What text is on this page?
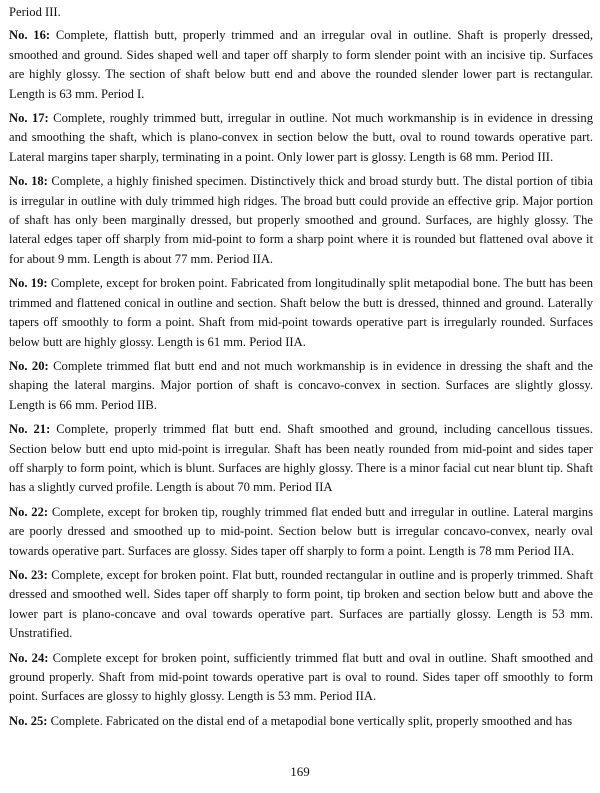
Period III.

No. 16: Complete, flattish butt, properly trimmed and an irregular oval in outline. Shaft is properly dressed, smoothed and ground. Sides shaped well and taper off sharply to form slender point with an incisive tip. Surfaces are highly glossy. The section of shaft below butt end and above the rounded slender lower part is rectangular. Length is 63 mm. Period I.

No. 17: Complete, roughly trimmed butt, irregular in outline. Not much workmanship is in evidence in dressing and smoothing the shaft, which is plano-convex in section below the butt, oval to round towards operative part. Lateral margins taper sharply, terminating in a point. Only lower part is glossy. Length is 68 mm. Period III.

No. 18: Complete, a highly finished specimen. Distinctively thick and broad sturdy butt. The distal portion of tibia is irregular in outline with duly trimmed high ridges. The broad butt could provide an effective grip. Major portion of shaft has only been marginally dressed, but properly smoothed and ground. Surfaces, are highly glossy. The lateral edges taper off sharply from mid-point to form a sharp point where it is rounded but flattened oval above it for about 9 mm. Length is about 77 mm. Period IIA.

No. 19: Complete, except for broken point. Fabricated from longitudinally split metapodial bone. The butt has been trimmed and flattened conical in outline and section. Shaft below the butt is dressed, thinned and ground. Laterally tapers off smoothly to form a point. Shaft from mid-point towards operative part is irregularly rounded. Surfaces below butt are highly glossy. Length is 61 mm. Period IIA.

No. 20: Complete trimmed flat butt end and not much workmanship is in evidence in dressing the shaft and the shaping the lateral margins. Major portion of shaft is concavo-convex in section. Surfaces are slightly glossy. Length is 66 mm. Period IIB.

No. 21: Complete, properly trimmed flat butt end. Shaft smoothed and ground, including cancellous tissues. Section below butt end upto mid-point is irregular. Shaft has been neatly rounded from mid-point and sides taper off sharply to form point, which is blunt. Surfaces are highly glossy. There is a minor facial cut near blunt tip. Shaft has a slightly curved profile. Length is about 70 mm. Period IIA

No. 22: Complete, except for broken tip, roughly trimmed flat ended butt and irregular in outline. Lateral margins are poorly dressed and smoothed up to mid-point. Section below butt is irregular concavo-convex, nearly oval towards operative part. Surfaces are glossy. Sides taper off sharply to form a point. Length is 78 mm Period IIA.

No. 23: Complete, except for broken point. Flat butt, rounded rectangular in outline and is properly trimmed. Shaft dressed and smoothed well. Sides taper off sharply to form point, tip broken and section below butt and above the lower part is plano-concave and oval towards operative part. Surfaces are partially glossy. Length is 53 mm. Unstratified.

No. 24: Complete except for broken point, sufficiently trimmed flat butt and oval in outline. Shaft smoothed and ground properly. Shaft from mid-point towards operative part is oval to round. Sides taper off smoothly to form point. Surfaces are glossy to highly glossy. Length is 53 mm. Period IIA.

No. 25: Complete. Fabricated on the distal end of a metapodial bone vertically split, properly smoothed and has

169
